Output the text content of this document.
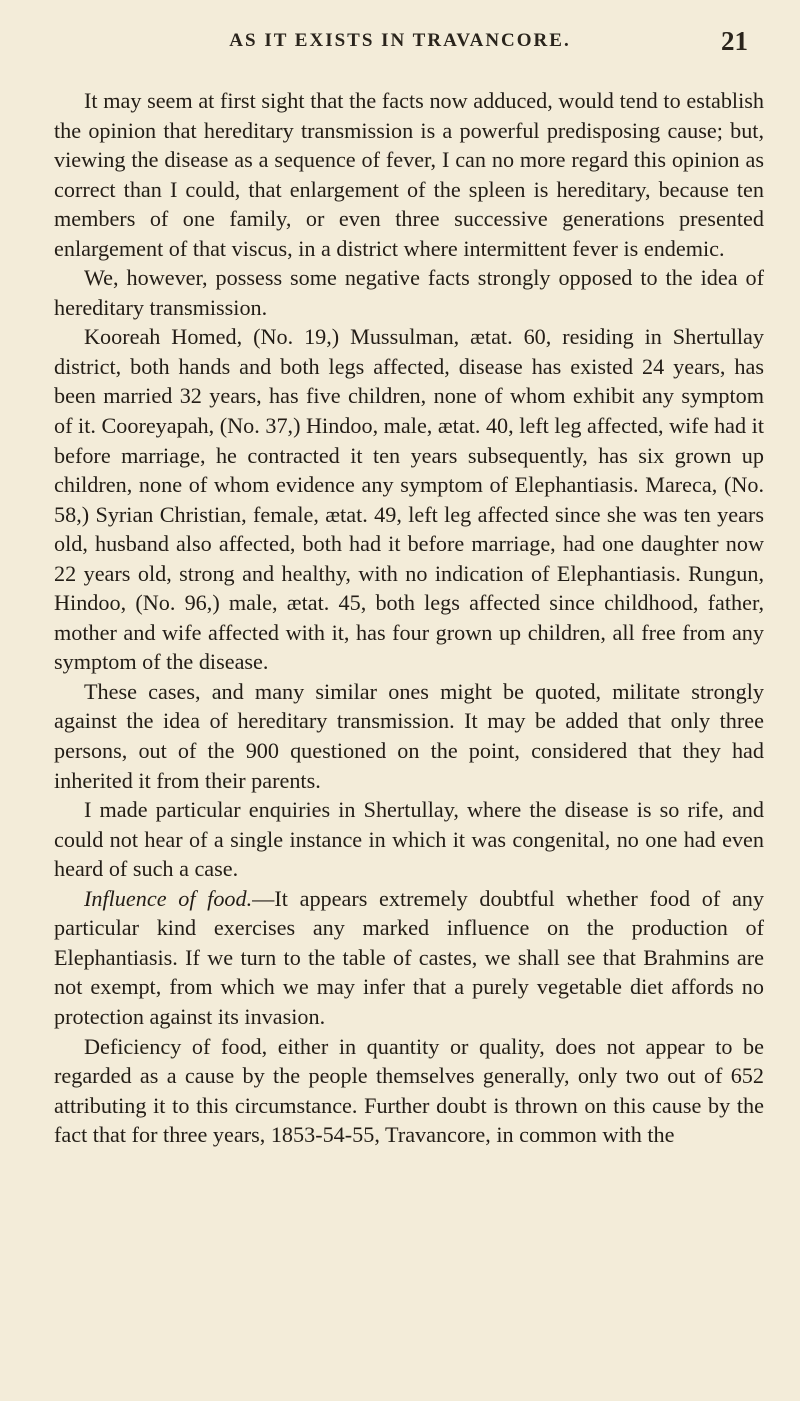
AS IT EXISTS IN TRAVANCORE.	21

It may seem at first sight that the facts now adduced, would tend to establish the opinion that hereditary transmission is a powerful predisposing cause; but, viewing the disease as a sequence of fever, I can no more regard this opinion as correct than I could, that enlargement of the spleen is hereditary, because ten members of one family, or even three successive generations presented enlargement of that viscus, in a district where intermittent fever is endemic.

We, however, possess some negative facts strongly opposed to the idea of hereditary transmission.

Kooreah Homed, (No. 19,) Mussulman, ætat. 60, residing in Shertullay district, both hands and both legs affected, disease has existed 24 years, has been married 32 years, has five children, none of whom exhibit any symptom of it. Cooreyapah, (No. 37,) Hindoo, male, ætat. 40, left leg affected, wife had it before marriage, he contracted it ten years subsequently, has six grown up children, none of whom evidence any symptom of Elephantiasis. Mareca, (No. 58,) Syrian Christian, female, ætat. 49, left leg affected since she was ten years old, husband also affected, both had it before marriage, had one daughter now 22 years old, strong and healthy, with no indication of Elephantiasis. Rungun, Hindoo, (No. 96,) male, ætat. 45, both legs affected since childhood, father, mother and wife affected with it, has four grown up children, all free from any symptom of the disease.

These cases, and many similar ones might be quoted, militate strongly against the idea of hereditary transmission. It may be added that only three persons, out of the 900 questioned on the point, considered that they had inherited it from their parents.

I made particular enquiries in Shertullay, where the disease is so rife, and could not hear of a single instance in which it was congenital, no one had even heard of such a case.

Influence of food.—It appears extremely doubtful whether food of any particular kind exercises any marked influence on the production of Elephantiasis. If we turn to the table of castes, we shall see that Brahmins are not exempt, from which we may infer that a purely vegetable diet affords no protection against its invasion.

Deficiency of food, either in quantity or quality, does not appear to be regarded as a cause by the people themselves generally, only two out of 652 attributing it to this circumstance. Further doubt is thrown on this cause by the fact that for three years, 1853-54-55, Travancore, in common with the
